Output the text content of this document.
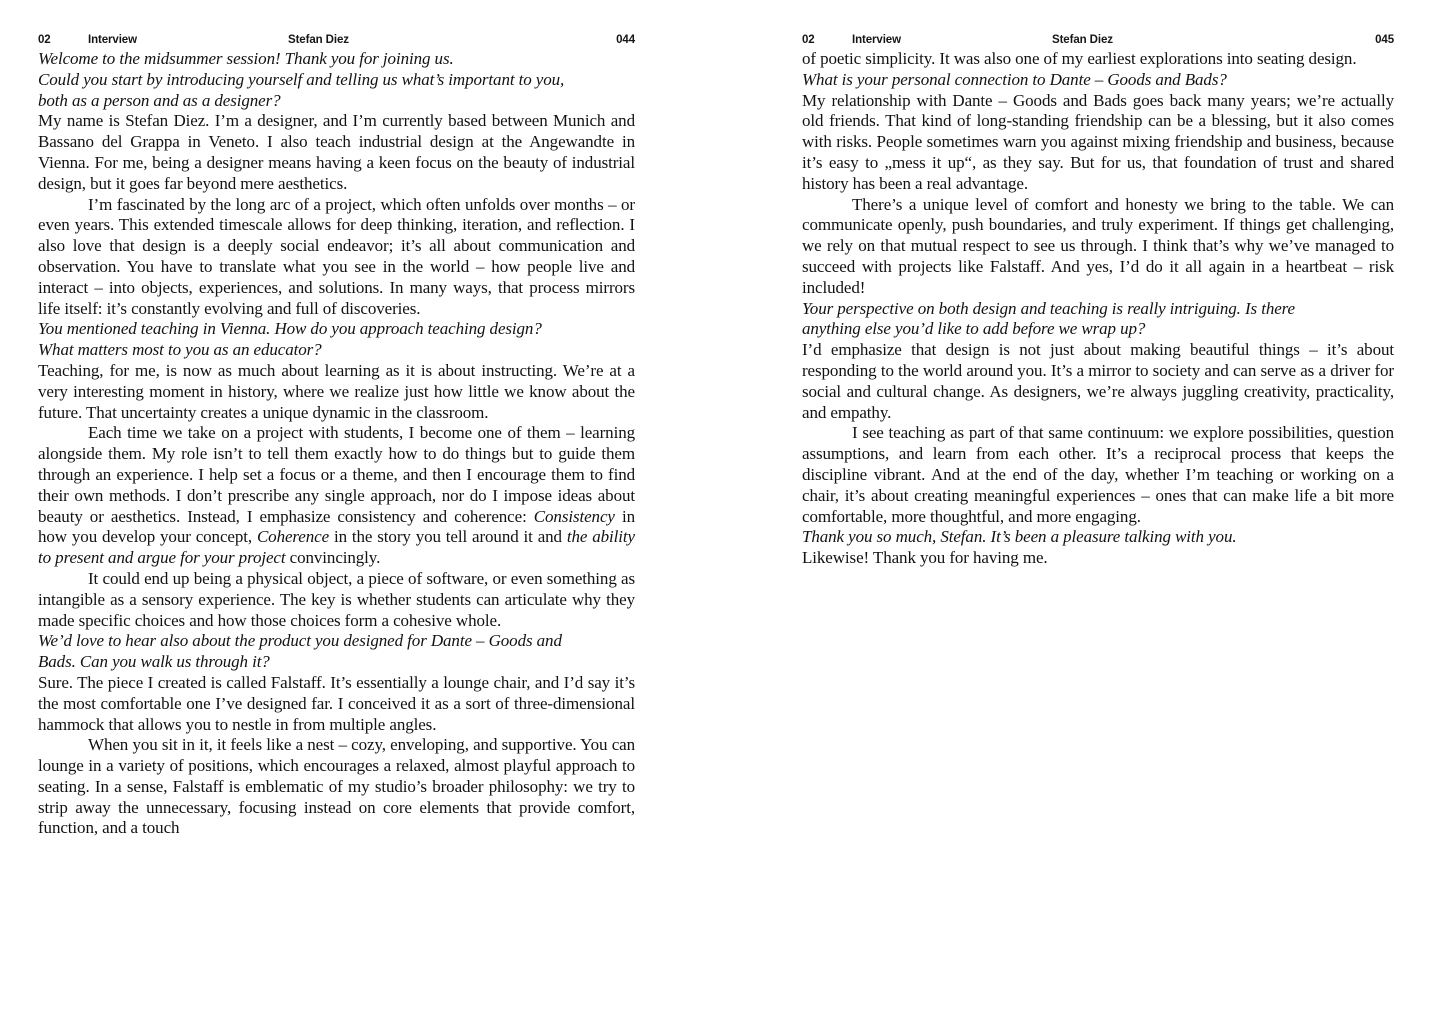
02	Interview	Stefan Diez	044

Welcome to the midsummer session! Thank you for joining us.
Could you start by introducing yourself and telling us what’s important to you,
both as a person and as a designer?

My name is Stefan Diez. I’m a designer, and I’m currently based between Munich and Bassano del Grappa in Veneto. I also teach industrial design at the Angewandte in Vienna. For me, being a designer means having a keen focus on the beauty of industrial design, but it goes far beyond mere aesthetics.

I’m fascinated by the long arc of a project, which often unfolds over months – or even years. This extended timescale allows for deep thinking, iteration, and reflection. I also love that design is a deeply social endeavor; it’s all about communication and observation. You have to translate what you see in the world – how people live and interact – into objects, experiences, and solutions. In many ways, that process mirrors life itself: it’s constantly evolving and full of discoveries.

You mentioned teaching in Vienna. How do you approach teaching design?
What matters most to you as an educator?

Teaching, for me, is now as much about learning as it is about instructing. We’re at a very interesting moment in history, where we realize just how little we know about the future. That uncertainty creates a unique dynamic in the classroom.

Each time we take on a project with students, I become one of them – learning alongside them. My role isn’t to tell them exactly how to do things but to guide them through an experience. I help set a focus or a theme, and then I encourage them to find their own methods. I don’t prescribe any single approach, nor do I impose ideas about beauty or aesthetics. Instead, I emphasize consistency and coherence: Consistency in how you develop your concept, Coherence in the story you tell around it and the ability to present and argue for your project convincingly.

It could end up being a physical object, a piece of software, or even something as intangible as a sensory experience. The key is whether students can articulate why they made specific choices and how those choices form a cohesive whole.

We’d love to hear also about the product you designed for Dante – Goods and
Bads. Can you walk us through it?

Sure. The piece I created is called Falstaff. It’s essentially a lounge chair, and I’d say it’s the most comfortable one I’ve designed far. I conceived it as a sort of three-dimensional hammock that allows you to nestle in from multiple angles.

When you sit in it, it feels like a nest – cozy, enveloping, and supportive. You can lounge in a variety of positions, which encourages a relaxed, almost playful approach to seating. In a sense, Falstaff is emblematic of my studio’s broader philosophy: we try to strip away the unnecessary, focusing instead on core elements that provide comfort, function, and a touch

02	Interview	Stefan Diez	045

of poetic simplicity. It was also one of my earliest explorations into seating design.

What is your personal connection to Dante – Goods and Bads?

My relationship with Dante – Goods and Bads goes back many years; we’re actually old friends. That kind of long-standing friendship can be a blessing, but it also comes with risks. People sometimes warn you against mixing friendship and business, because it’s easy to „mess it up“, as they say. But for us, that foundation of trust and shared history has been a real advantage.

There’s a unique level of comfort and honesty we bring to the table. We can communicate openly, push boundaries, and truly experiment. If things get challenging, we rely on that mutual respect to see us through. I think that’s why we’ve managed to succeed with projects like Falstaff. And yes, I’d do it all again in a heartbeat – risk included!

Your perspective on both design and teaching is really intriguing. Is there
anything else you’d like to add before we wrap up?

I’d emphasize that design is not just about making beautiful things – it’s about responding to the world around you. It’s a mirror to society and can serve as a driver for social and cultural change. As designers, we’re always juggling creativity, practicality, and empathy.

I see teaching as part of that same continuum: we explore possibilities, question assumptions, and learn from each other. It’s a reciprocal process that keeps the discipline vibrant. And at the end of the day, whether I’m teaching or working on a chair, it’s about creating meaningful experiences – ones that can make life a bit more comfortable, more thoughtful, and more engaging.

Thank you so much, Stefan. It’s been a pleasure talking with you.

Likewise! Thank you for having me.
